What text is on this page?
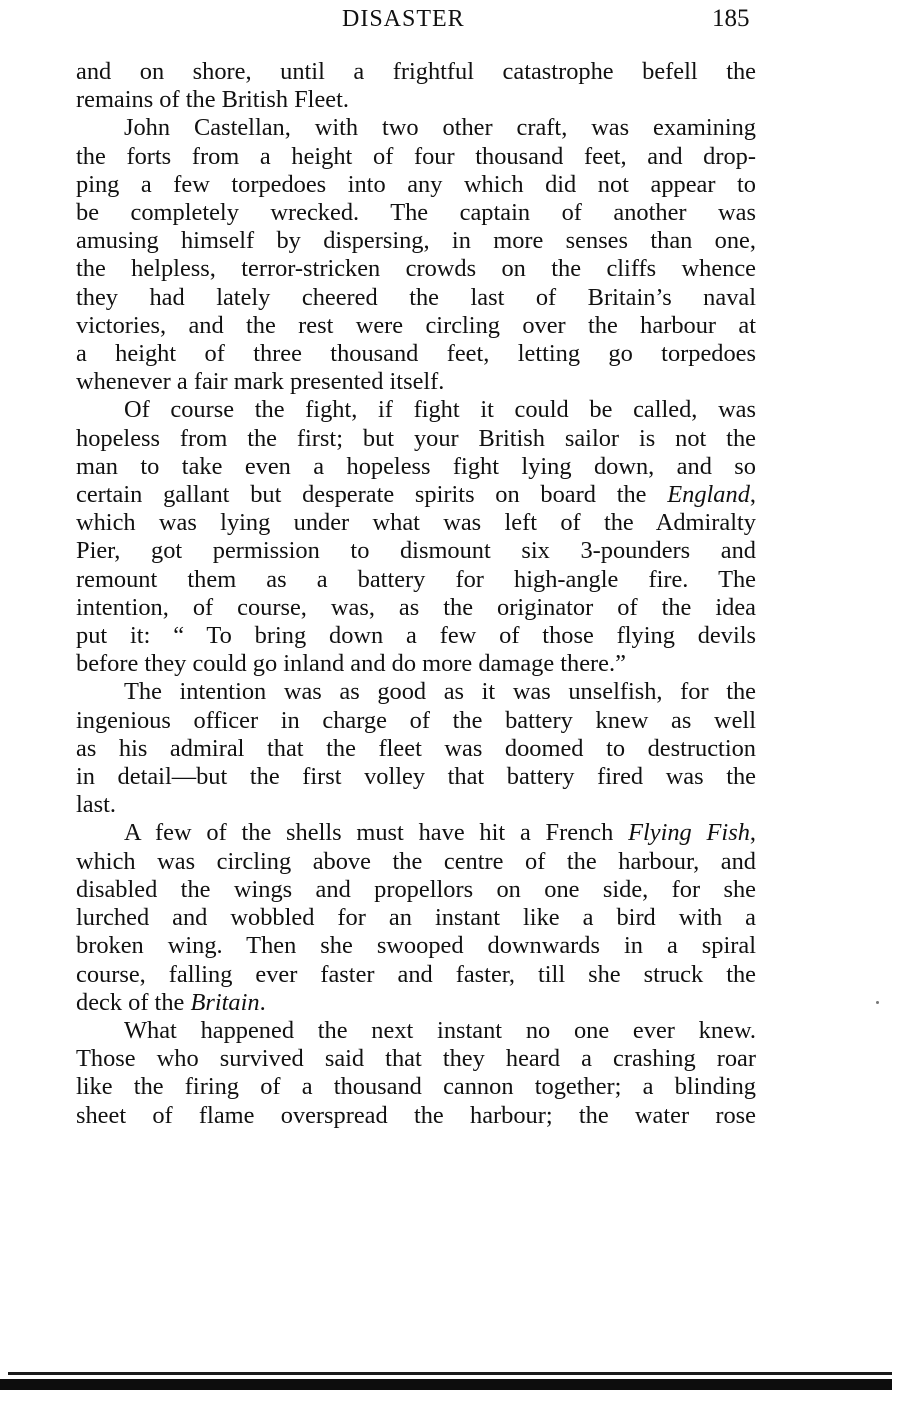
DISASTER	185
and on shore, until a frightful catastrophe befell the
remains of the British Fleet.
John Castellan, with two other craft, was examining
the forts from a height of four thousand feet, and drop-
ping a few torpedoes into any which did not appear to
be completely wrecked. The captain of another was
amusing himself by dispersing, in more senses than one,
the helpless, terror-stricken crowds on the cliffs whence
they had lately cheered the last of Britain’s naval
victories, and the rest were circling over the harbour at
a height of three thousand feet, letting go torpedoes
whenever a fair mark presented itself.
Of course the fight, if fight it could be called, was
hopeless from the first; but your British sailor is not the
man to take even a hopeless fight lying down, and so
certain gallant but desperate spirits on board the England,
which was lying under what was left of the Admiralty
Pier, got permission to dismount six 3-pounders and
remount them as a battery for high-angle fire. The
intention, of course, was, as the originator of the idea
put it: “ To bring down a few of those flying devils
before they could go inland and do more damage there.”
The intention was as good as it was unselfish, for the
ingenious officer in charge of the battery knew as well
as his admiral that the fleet was doomed to destruction
in detail—but the first volley that battery fired was the
last.
A few of the shells must have hit a French Flying Fish,
which was circling above the centre of the harbour, and
disabled the wings and propellors on one side, for she
lurched and wobbled for an instant like a bird with a
broken wing. Then she swooped downwards in a spiral
course, falling ever faster and faster, till she struck the
deck of the Britain.
What happened the next instant no one ever knew.
Those who survived said that they heard a crashing roar
like the firing of a thousand cannon together; a blinding
sheet of flame overspread the harbour; the water rose
